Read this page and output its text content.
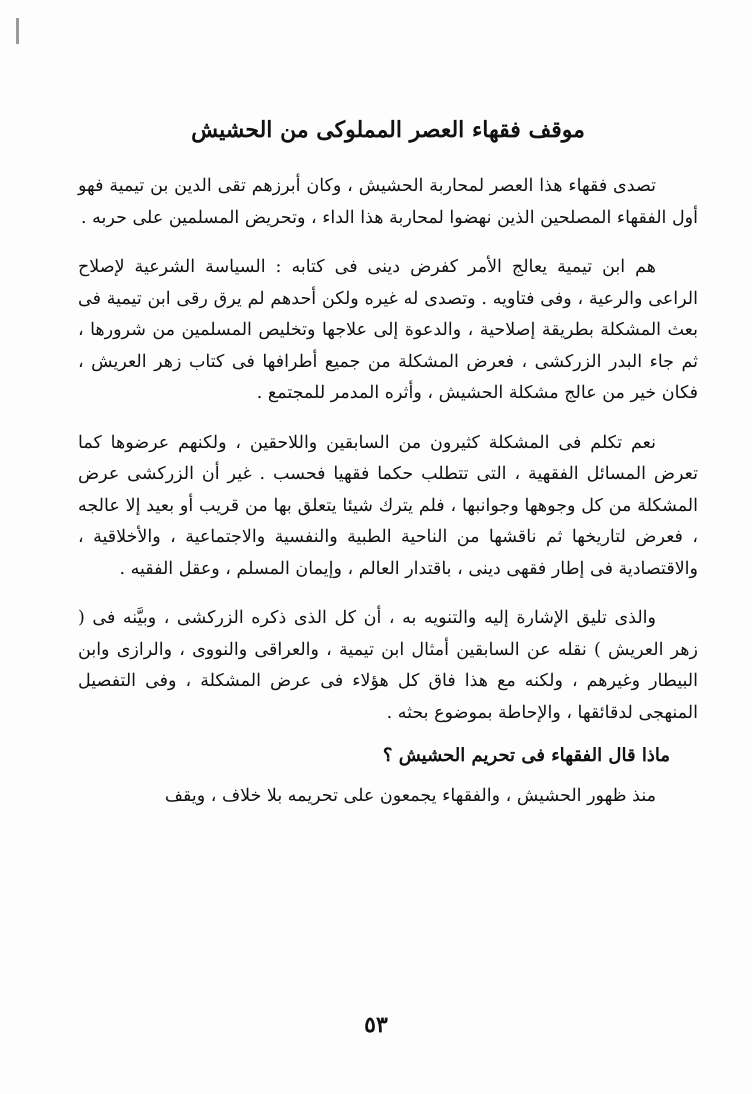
موقف فقهاء العصر المملوكى من الحشيش

تصدى فقهاء هذا العصر لمحاربة الحشيش ، وكان أبرزهم تقى الدين بن تيمية فهو أول الفقهاء المصلحين الذين نهضوا لمحاربة هذا الداء ، وتحريض المسلمين على حربه .

هم ابن تيمية يعالج الأمر كفرض دينى فى كتابه : السياسة الشرعية لإصلاح الراعى والرعية ، وفى فتاويه . وتصدى له غيره ولكن أحدهم لم يرق رقى ابن تيمية فى بعث المشكلة بطريقة إصلاحية ، والدعوة إلى علاجها وتخليص المسلمين من شرورها ، ثم جاء البدر الزركشى ، فعرض المشكلة من جميع أطرافها فى كتاب زهر العريش ، فكان خير من عالج مشكلة الحشيش ، وأثره المدمر للمجتمع .

نعم تكلم فى المشكلة كثيرون من السابقين واللاحقين ، ولكنهم عرضوها كما تعرض المسائل الفقهية ، التى تتطلب حكما فقهيا فحسب . غير أن الزركشى عرض المشكلة من كل وجوهها وجوانبها ، فلم يترك شيئا يتعلق بها من قريب أو بعيد إلا عالجه ، فعرض لتاريخها ثم ناقشها من الناحية الطبية والنفسية والاجتماعية ، والأخلاقية ، والاقتصادية فى إطار فقهى دينى ، باقتدار العالم ، وإيمان المسلم ، وعقل الفقيه .

والذى تليق الإشارة إليه والتنويه به ، أن كل الذى ذكره الزركشى ، وبيَّنه فى ( زهر العريش ) نقله عن السابقين أمثال ابن تيمية ، والعراقى والنووى ، والرازى وابن البيطار وغيرهم ، ولكنه مع هذا فاق كل هؤلاء فى عرض المشكلة ، وفى التفصيل المنهجى لدقائقها ، والإحاطة بموضوع بحثه .

ماذا قال الفقهاء فى تحريم الحشيش ؟

منذ ظهور الحشيش ، والفقهاء يجمعون على تحريمه بلا خلاف ، ويقف

٥٣
